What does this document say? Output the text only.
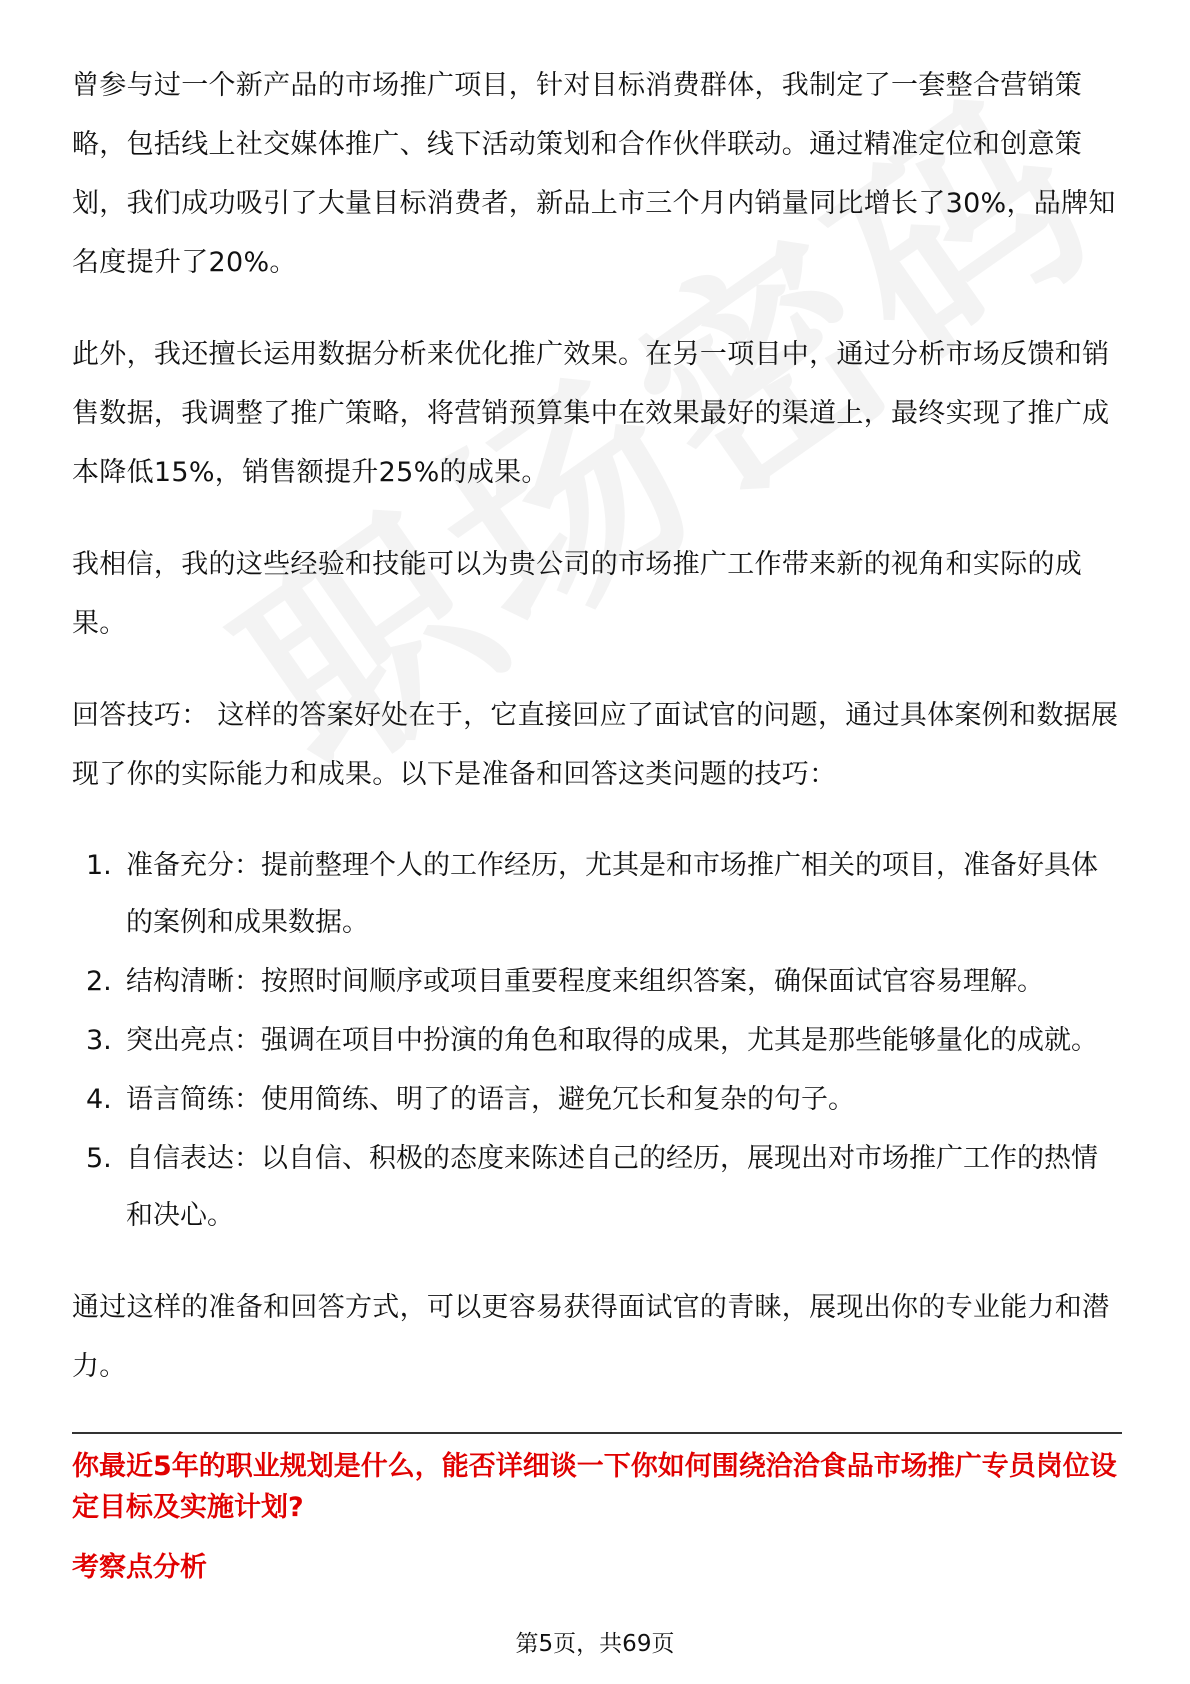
曾参与过一个新产品的市场推广项目，针对目标消费群体，我制定了一套整合营销策略，包括线上社交媒体推广、线下活动策划和合作伙伴联动。通过精准定位和创意策划，我们成功吸引了大量目标消费者，新品上市三个月内销量同比增长了30%，品牌知名度提升了20%。

此外，我还擅长运用数据分析来优化推广效果。在另一项目中，通过分析市场反馈和销售数据，我调整了推广策略，将营销预算集中在效果最好的渠道上，最终实现了推广成本降低15%，销售额提升25%的成果。

我相信，我的这些经验和技能可以为贵公司的市场推广工作带来新的视角和实际的成果。

回答技巧： 这样的答案好处在于，它直接回应了面试官的问题，通过具体案例和数据展现了你的实际能力和成果。以下是准备和回答这类问题的技巧：

1. 准备充分：提前整理个人的工作经历，尤其是和市场推广相关的项目，准备好具体的案例和成果数据。
2. 结构清晰：按照时间顺序或项目重要程度来组织答案，确保面试官容易理解。
3. 突出亮点：强调在项目中扮演的角色和取得的成果，尤其是那些能够量化的成就。
4. 语言简练：使用简练、明了的语言，避免冗长和复杂的句子。
5. 自信表达：以自信、积极的态度来陈述自己的经历，展现出对市场推广工作的热情和决心。

通过这样的准备和回答方式，可以更容易获得面试官的青睐，展现出你的专业能力和潜力。

你最近5年的职业规划是什么，能否详细谈一下你如何围绕洽洽食品市场推广专员岗位设定目标及实施计划?

考察点分析

第5页，共69页
